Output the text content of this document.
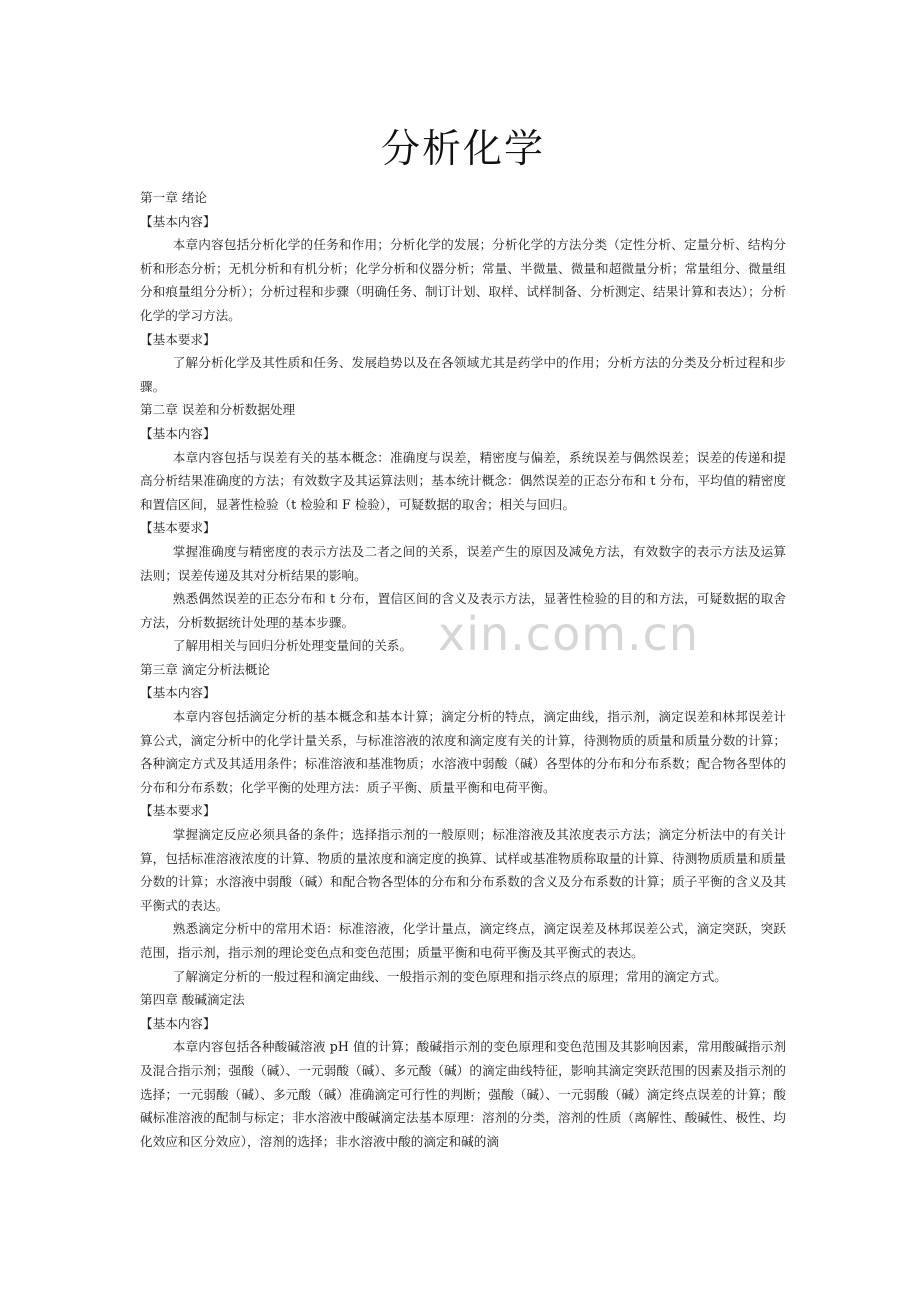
分析化学
第一章 绪论
【基本内容】

本章内容包括分析化学的任务和作用；分析化学的发展；分析化学的方法分类（定性分析、定量分析、结构分析和形态分析；无机分析和有机分析；化学分析和仪器分析；常量、半微量、微量和超微量分析；常量组分、微量组分和痕量组分分析）；分析过程和步骤（明确任务、制订计划、取样、试样制备、分析测定、结果计算和表达）；分析化学的学习方法。

【基本要求】

了解分析化学及其性质和任务、发展趋势以及在各领域尤其是药学中的作用；分析方法的分类及分析过程和步骤。

第二章 误差和分析数据处理
【基本内容】

本章内容包括与误差有关的基本概念：准确度与误差，精密度与偏差，系统误差与偶然误差；误差的传递和提高分析结果准确度的方法；有效数字及其运算法则；基本统计概念：偶然误差的正态分布和 t 分布，平均值的精密度和置信区间，显著性检验（t 检验和 F 检验），可疑数据的取舍；相关与回归。

【基本要求】

掌握准确度与精密度的表示方法及二者之间的关系，误差产生的原因及减免方法，有效数字的表示方法及运算法则；误差传递及其对分析结果的影响。

熟悉偶然误差的正态分布和 t 分布，置信区间的含义及表示方法，显著性检验的目的和方法，可疑数据的取舍方法，分析数据统计处理的基本步骤。

了解用相关与回归分析处理变量间的关系。

第三章 滴定分析法概论
【基本内容】

本章内容包括滴定分析的基本概念和基本计算；滴定分析的特点，滴定曲线，指示剂，滴定误差和林邦误差计算公式，滴定分析中的化学计量关系，与标准溶液的浓度和滴定度有关的计算，待测物质的质量和质量分数的计算；各种滴定方式及其适用条件；标准溶液和基准物质；水溶液中弱酸（碱）各型体的分布和分布系数；配合物各型体的分布和分布系数；化学平衡的处理方法：质子平衡、质量平衡和电荷平衡。

【基本要求】

掌握滴定反应必须具备的条件；选择指示剂的一般原则；标准溶液及其浓度表示方法；滴定分析法中的有关计算，包括标准溶液浓度的计算、物质的量浓度和滴定度的换算、试样或基准物质称取量的计算、待测物质质量和质量分数的计算；水溶液中弱酸（碱）和配合物各型体的分布和分布系数的含义及分布系数的计算；质子平衡的含义及其平衡式的表达。

熟悉滴定分析中的常用术语：标准溶液，化学计量点，滴定终点，滴定误差及林邦误差公式，滴定突跃，突跃范围，指示剂，指示剂的理论变色点和变色范围；质量平衡和电荷平衡及其平衡式的表达。

了解滴定分析的一般过程和滴定曲线、一般指示剂的变色原理和指示终点的原理；常用的滴定方式。

第四章 酸碱滴定法
【基本内容】

本章内容包括各种酸碱溶液 pH 值的计算；酸碱指示剂的变色原理和变色范围及其影响因素，常用酸碱指示剂及混合指示剂；强酸（碱）、一元弱酸（碱）、多元酸（碱）的滴定曲线特征，影响其滴定突跃范围的因素及指示剂的选择；一元弱酸（碱）、多元酸（碱）准确滴定可行性的判断；强酸（碱）、一元弱酸（碱）滴定终点误差的计算；酸碱标准溶液的配制与标定；非水溶液中酸碱滴定法基本原理：溶剂的分类，溶剂的性质（离解性、酸碱性、极性、均化效应和区分效应），溶剂的选择；非水溶液中酸的滴定和碱的滴

xin.com.cn
